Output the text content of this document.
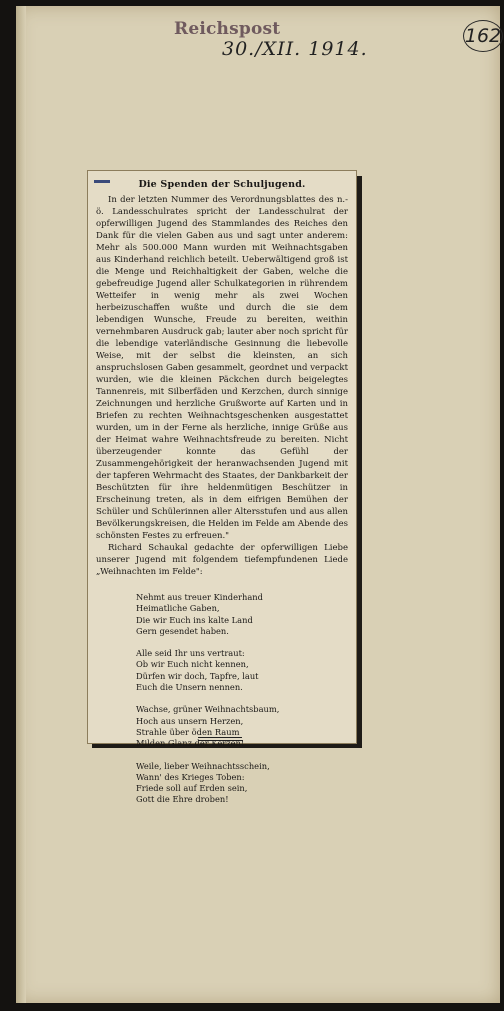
Reichspost
30./XII. 1914.
162
Die Spenden der Schuljugend.

In der letzten Nummer des Verordnungsblattes des n.-ö. Landesschulrates spricht der Landesschulrat der opferwilligen Jugend des Stammlandes des Reiches den Dank für die vielen Gaben aus und sagt unter anderem: Mehr als 500.000 Mann wurden mit Weihnachtsgaben aus Kinderhand reichlich beteilt. Ueberwältigend groß ist die Menge und Reichhaltigkeit der Gaben, welche die gebefreudige Jugend aller Schulkategorien in rührendem Wetteifer in wenig mehr als zwei Wochen herbeizuschaffen wußte und durch die sie dem lebendigen Wunsche, Freude zu bereiten, weithin vernehmbaren Ausdruck gab; lauter aber noch spricht für die lebendige vaterländische Gesinnung die liebevolle Weise, mit der selbst die kleinsten, an sich anspruchslosen Gaben gesammelt, geordnet und verpackt wurden, wie die kleinen Päckchen durch beigelegtes Tannenreis, mit Silberfäden und Kerzchen, durch sinnige Zeichnungen und herzliche Grußworte auf Karten und in Briefen zu rechten Weihnachtsgeschenken ausgestattet wurden, um in der Ferne als herzliche, innige Grüße aus der Heimat wahre Weihnachtsfreude zu bereiten. Nicht überzeugender konnte das Gefühl der Zusammengehörigkeit der heranwachsenden Jugend mit der tapferen Wehrmacht des Staates, der Dankbarkeit der Beschützten für ihre heldenmütigen Beschützer in Erscheinung treten, als in dem eifrigen Bemühen der Schüler und Schülerinnen aller Altersstufen und aus allen Bevölkerungskreisen, die Helden im Felde am Abende des schönsten Festes zu erfreuen."

Richard Schaukal gedachte der opferwilligen Liebe unserer Jugend mit folgendem tiefempfundenen Liede „Weihnachten im Felde":

Nehmt aus treuer Kinderhand
Heimatliche Gaben,
Die wir Euch ins kalte Land
Gern gesendet haben.
Alle seid Ihr uns vertraut:
Ob wir Euch nicht kennen,
Dürfen wir doch, Tapfre, laut
Euch die Unsern nennen.
Wachse, grüner Weihnachtsbaum,
Hoch aus unsern Herzen,
Strahle über öden Raum
Milden Glanz der Kerzen!
Weile, lieber Weihnachtsschein,
Wann' des Krieges Toben:
Friede soll auf Erden sein,
Gott die Ehre droben!
